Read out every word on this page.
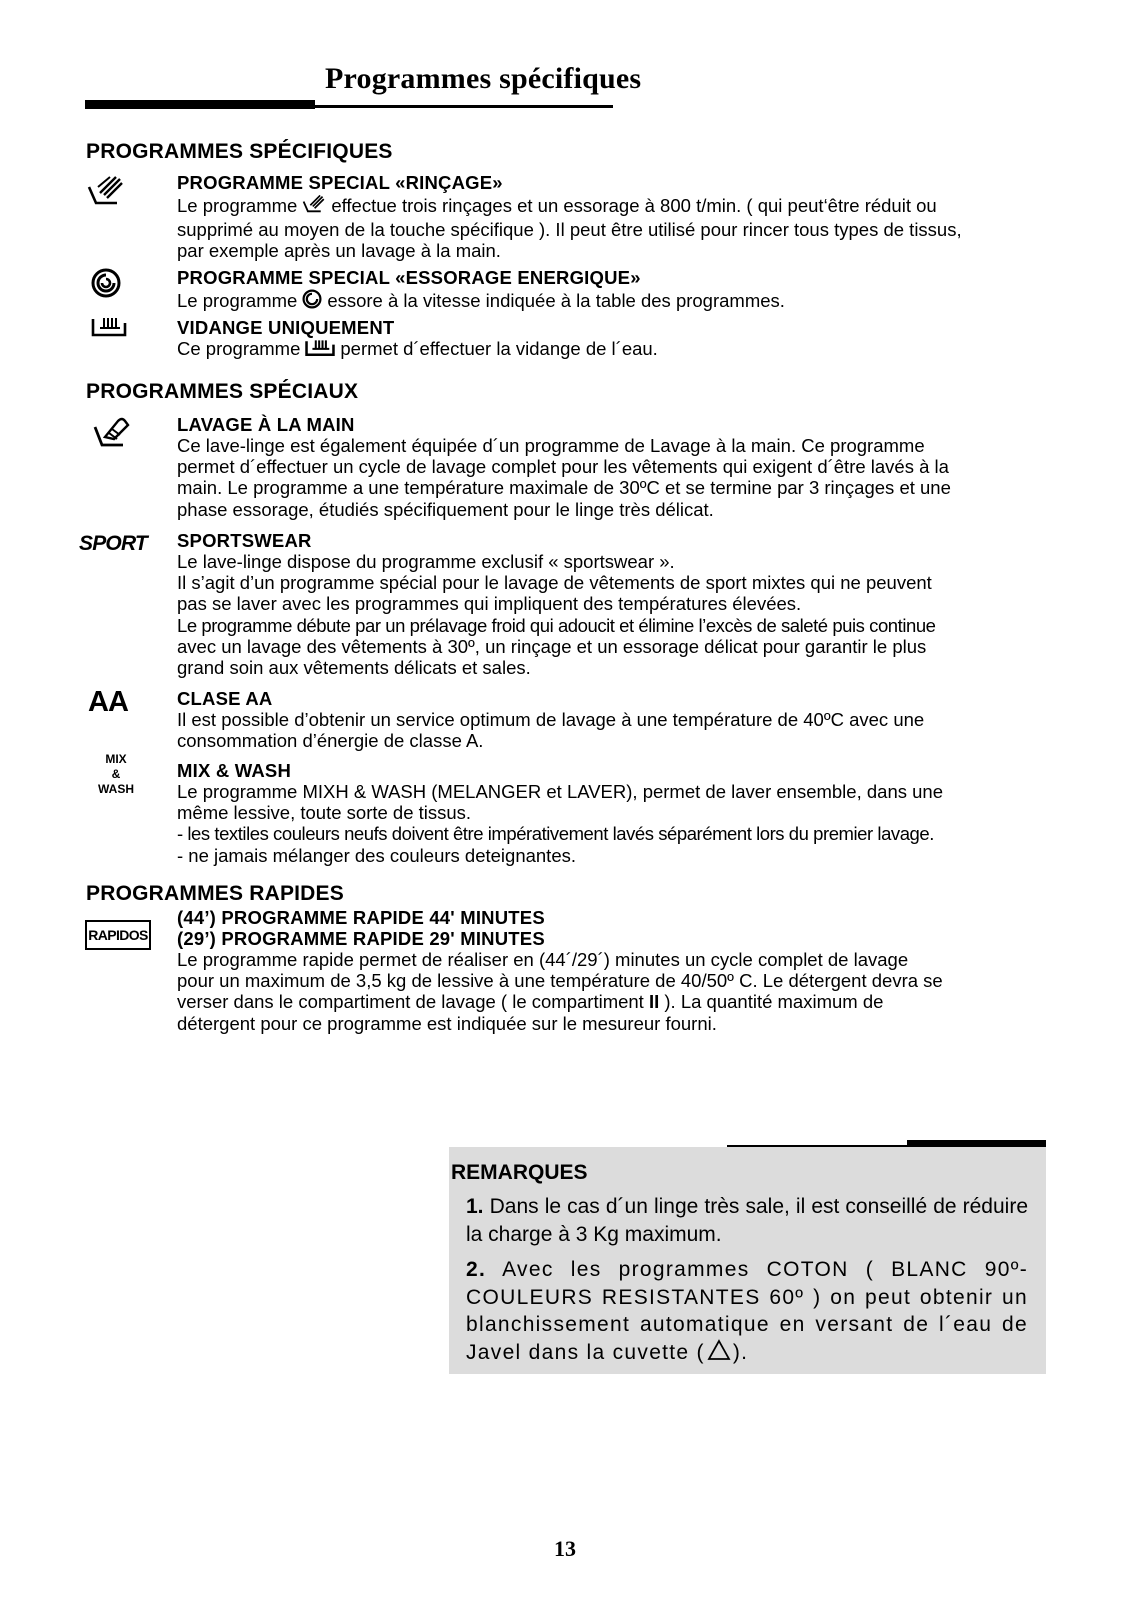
Programmes spécifiques
PROGRAMMES SPÉCIFIQUES
PROGRAMME SPECIAL «RINÇAGE»
Le programme effectue trois rinçages et un essorage à 800 t/min. ( qui peut‘être réduit ou
supprimé au moyen de la touche spécifique ). Il peut être utilisé pour rincer tous types de tissus,
par exemple après un lavage à la main.
PROGRAMME SPECIAL «ESSORAGE ENERGIQUE»
Le programme essore à la vitesse indiquée à la table des programmes.
VIDANGE UNIQUEMENT
Ce programme permet d´effectuer la vidange de l´eau.
PROGRAMMES SPÉCIAUX
LAVAGE À LA MAIN
Ce lave-linge est également équipée d´un programme de Lavage à la main. Ce programme
permet d´effectuer un cycle de lavage complet pour les vêtements qui exigent d´être lavés à la
main. Le programme a une température maximale de 30ºC et se termine par 3 rinçages et une
phase essorage, étudiés spécifiquement pour le linge très délicat.
SPORT SPORTSWEAR
Le lave-linge dispose du programme exclusif « sportswear ».
Il s’agit d’un programme spécial pour le lavage de vêtements de sport mixtes qui ne peuvent
pas se laver avec les programmes qui impliquent des températures élevées.
Le programme débute par un prélavage froid qui adoucit et élimine l’excès de saleté puis continue
avec un lavage des vêtements à 30º, un rinçage et un essorage délicat pour garantir le plus
grand soin aux vêtements délicats et sales.
AA	CLASE AA
Il est possible d’obtenir un service optimum de lavage à une température de 40ºC avec une
consommation d’énergie de classe A.
MIX
&
WASH
MIX & WASH
Le programme MIXH & WASH (MELANGER et LAVER), permet de laver ensemble, dans une
même lessive, toute sorte de tissus.
- les textiles couleurs neufs doivent être impérativement lavés séparément lors du premier lavage.
- ne jamais mélanger des couleurs deteignantes.
PROGRAMMES RAPIDES
RAPIDOS
(44’) PROGRAMME RAPIDE 44' MINUTES
(29’) PROGRAMME RAPIDE 29' MINUTES
Le programme rapide permet de réaliser en (44´/29´) minutes un cycle complet de lavage
pour un maximum de 3,5 kg de lessive à une température de 40/50º C. Le détergent devra se
verser dans le compartiment de lavage ( le compartiment II ). La quantité maximum de
détergent pour ce programme est indiquée sur le mesureur fourni.
REMARQUES
1. Dans le cas d´un linge très sale, il est conseillé de réduire la charge à 3 Kg maximum.
2. Avec les programmes COTON ( BLANC 90º-COULEURS RESISTANTES 60º ) on peut obtenir un blanchissement automatique en versant de l´eau de Javel dans la cuvette ( ).
13
